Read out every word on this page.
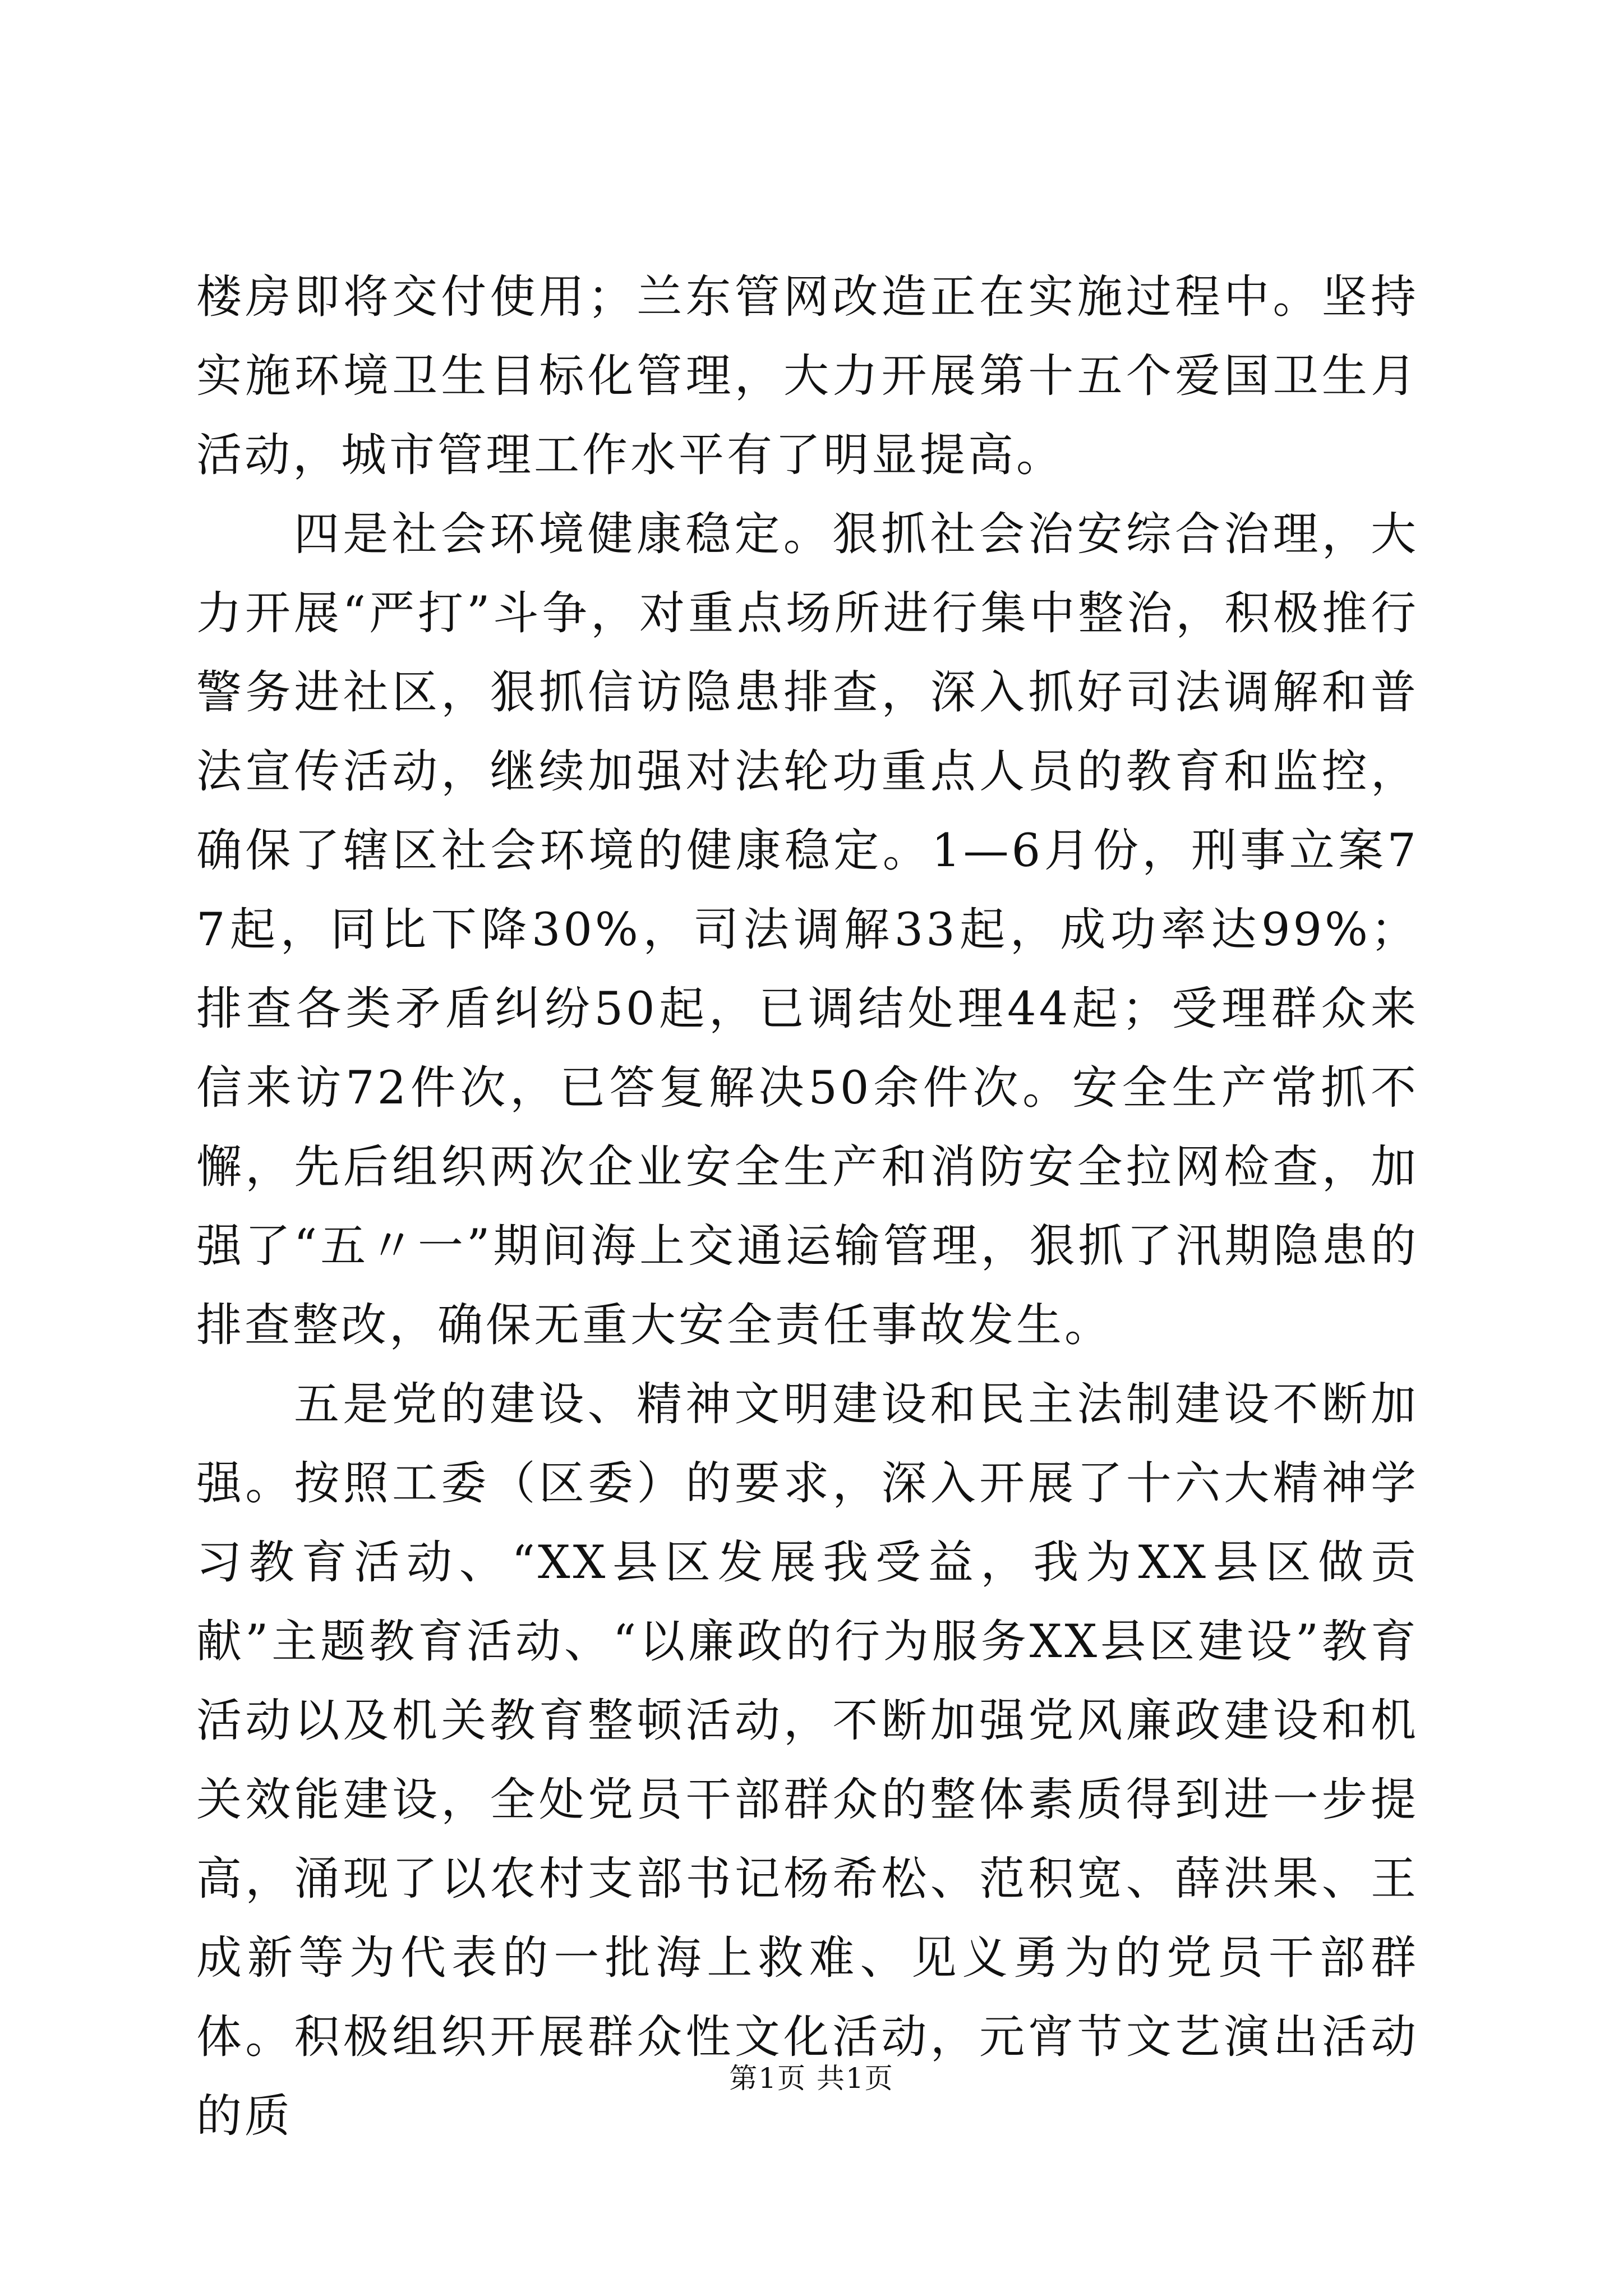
楼房即将交付使用；兰东管网改造正在实施过程中。坚持实施环境卫生目标化管理，大力开展第十五个爱国卫生月活动，城市管理工作水平有了明显提高。

四是社会环境健康稳定。狠抓社会治安综合治理，大力开展“严打”斗争，对重点场所进行集中整治，积极推行警务进社区，狠抓信访隐患排查，深入抓好司法调解和普法宣传活动，继续加强对法轮功重点人员的教育和监控，确保了辖区社会环境的健康稳定。1—6月份，刑事立案77起，同比下降30%，司法调解33起，成功率达99%；排查各类矛盾纠纷50起，已调结处理44起；受理群众来信来访72件次，已答复解决50余件次。安全生产常抓不懈，先后组织两次企业安全生产和消防安全拉网检查，加强了“五〃一”期间海上交通运输管理，狠抓了汛期隐患的排查整改，确保无重大安全责任事故发生。

五是党的建设、精神文明建设和民主法制建设不断加强。按照工委（区委）的要求，深入开展了十六大精神学习教育活动、“XX县区发展我受益，我为XX县区做贡献”主题教育活动、“以廉政的行为服务XX县区建设”教育活动以及机关教育整顿活动，不断加强党风廉政建设和机关效能建设，全处党员干部群众的整体素质得到进一步提高，涌现了以农村支部书记杨希松、范积宽、薛洪果、王成新等为代表的一批海上救难、见义勇为的党员干部群体。积极组织开展群众性文化活动，元宵节文艺演出活动的质

第1页 共1页
